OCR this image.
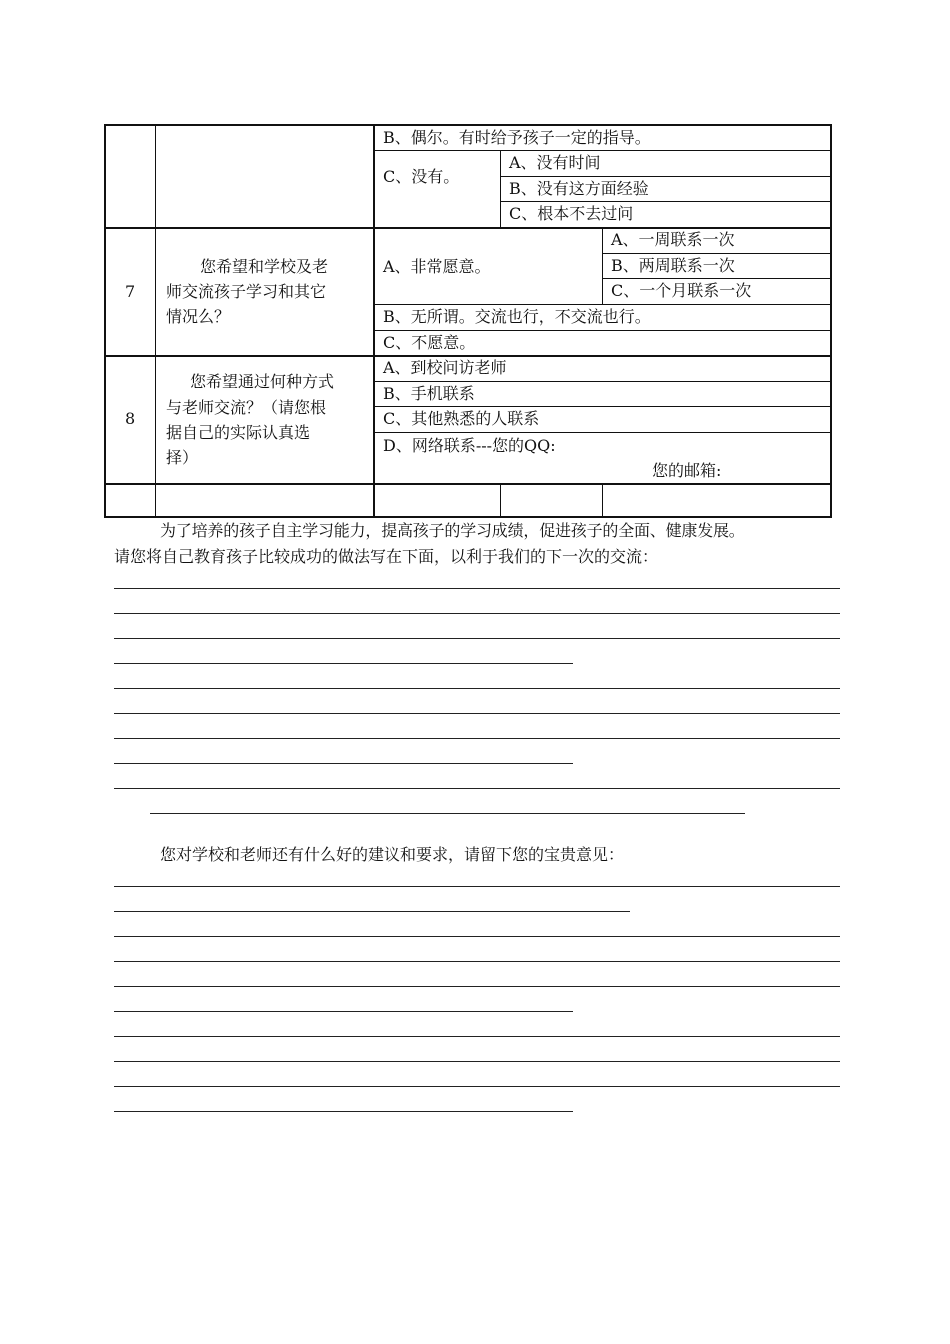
B、偶尔。有时给予孩子一定的指导。
C、没有。
A、没有时间
B、没有这方面经验
C、根本不去过问
7
您希望和学校及老
师交流孩子学习和其它
情况么？
A、非常愿意。
A、一周联系一次
B、两周联系一次
C、一个月联系一次
B、无所谓。交流也行，不交流也行。
C、不愿意。
8
您希望通过何种方式
与老师交流？（请您根
据自己的实际认真选
择）
A、到校问访老师
B、手机联系
C、其他熟悉的人联系
D、网络联系---您的QQ:
您的邮箱:
为了培养的孩子自主学习能力，提高孩子的学习成绩，促进孩子的全面、健康发展。
请您将自己教育孩子比较成功的做法写在下面，以利于我们的下一次的交流：
您对学校和老师还有什么好的建议和要求，请留下您的宝贵意见：
